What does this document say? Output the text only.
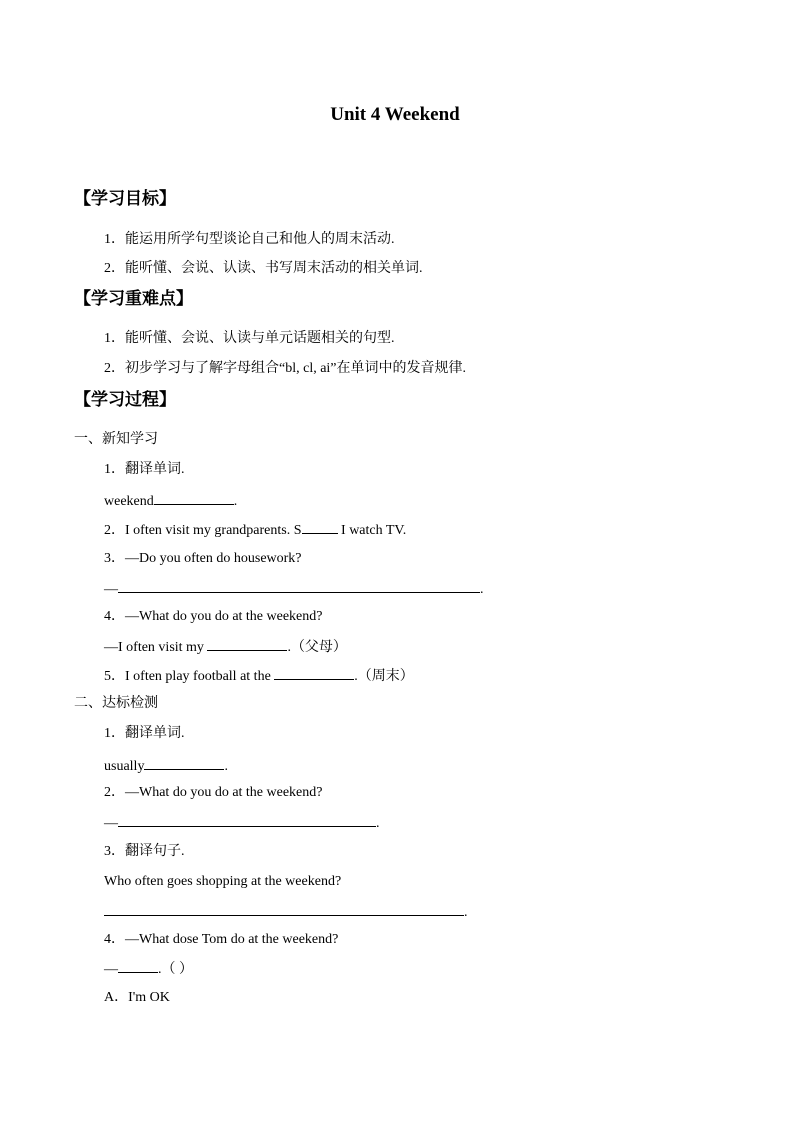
Unit 4 Weekend
【学习目标】
1．能运用所学句型谈论自己和他人的周末活动.
2．能听懂、会说、认读、书写周末活动的相关单词.
【学习重难点】
1．能听懂、会说、认读与单元话题相关的句型.
2．初步学习与了解字母组合“bl, cl, ai”在单词中的发音规律.
【学习过程】
一、新知学习
1．翻译单词.
weekend	.
2．I often visit my grandparents. S	I watch TV.
3．—Do you often do housework?
—	.
4．—What do you do at the weekend?
—I often visit my	.（父母）
5．I often play football at the	.（周末）
二、达标检测
1．翻译单词.
usually	.
2．—What do you do at the weekend?
—	.
3．翻译句子.
Who often goes shopping at the weekend?
.
4．—What dose Tom do at the weekend?
—	.（ ）
A．I'm OK
